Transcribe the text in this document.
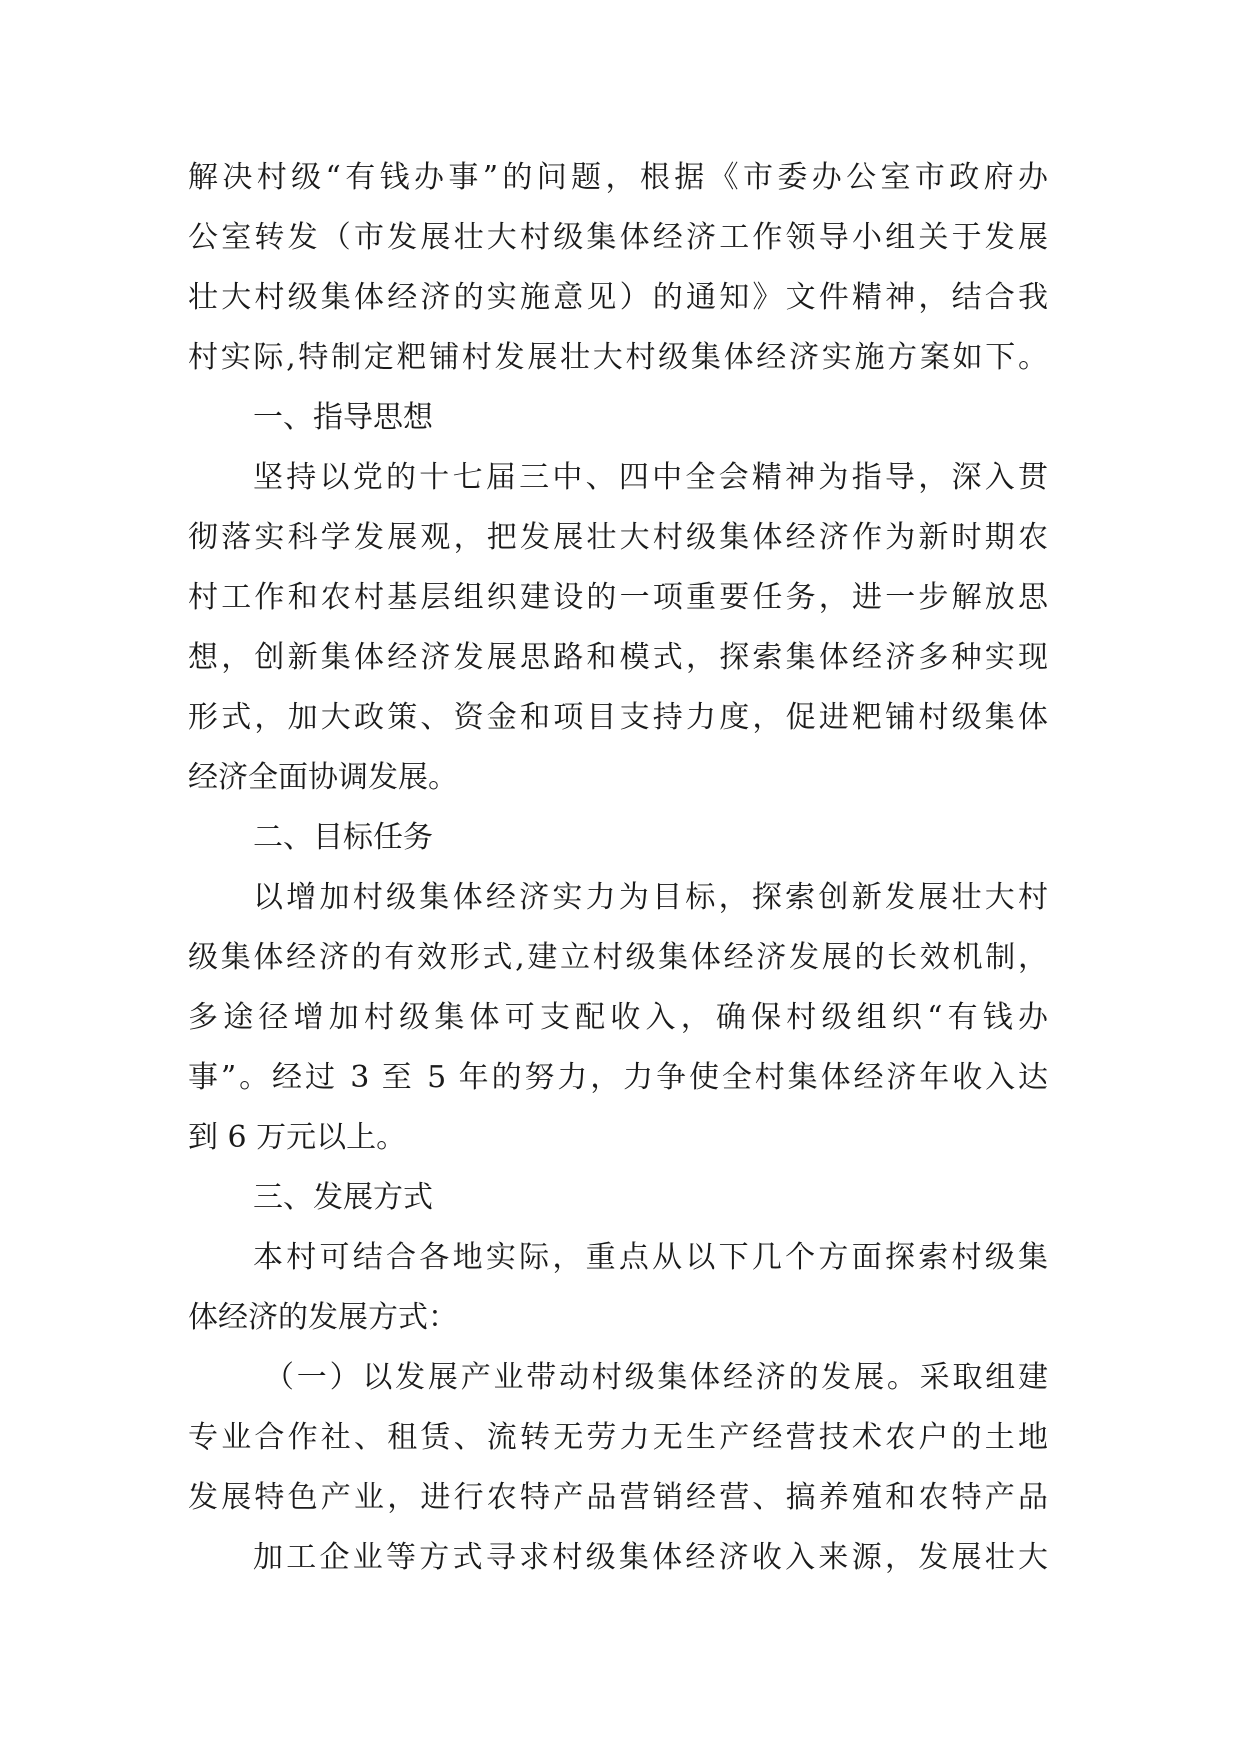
解决村级“有钱办事”的问题，根据《市委办公室市政府办
公室转发（市发展壮大村级集体经济工作领导小组关于发展
壮大村级集体经济的实施意见）的通知》文件精神，结合我
村实际,特制定粑铺村发展壮大村级集体经济实施方案如下。
一、指导思想
坚持以党的十七届三中、四中全会精神为指导，深入贯
彻落实科学发展观，把发展壮大村级集体经济作为新时期农
村工作和农村基层组织建设的一项重要任务，进一步解放思
想，创新集体经济发展思路和模式，探索集体经济多种实现
形式，加大政策、资金和项目支持力度，促进粑铺村级集体
经济全面协调发展。
二、目标任务
以增加村级集体经济实力为目标，探索创新发展壮大村
级集体经济的有效形式,建立村级集体经济发展的长效机制，
多途径增加村级集体可支配收入，确保村级组织“有钱办
事”。经过 3 至 5 年的努力，力争使全村集体经济年收入达
到 6 万元以上。
三、发展方式
本村可结合各地实际，重点从以下几个方面探索村级集
体经济的发展方式：
（一）以发展产业带动村级集体经济的发展。采取组建
专业合作社、租赁、流转无劳力无生产经营技术农户的土地
发展特色产业，进行农特产品营销经营、搞养殖和农特产品
加工企业等方式寻求村级集体经济收入来源，发展壮大
